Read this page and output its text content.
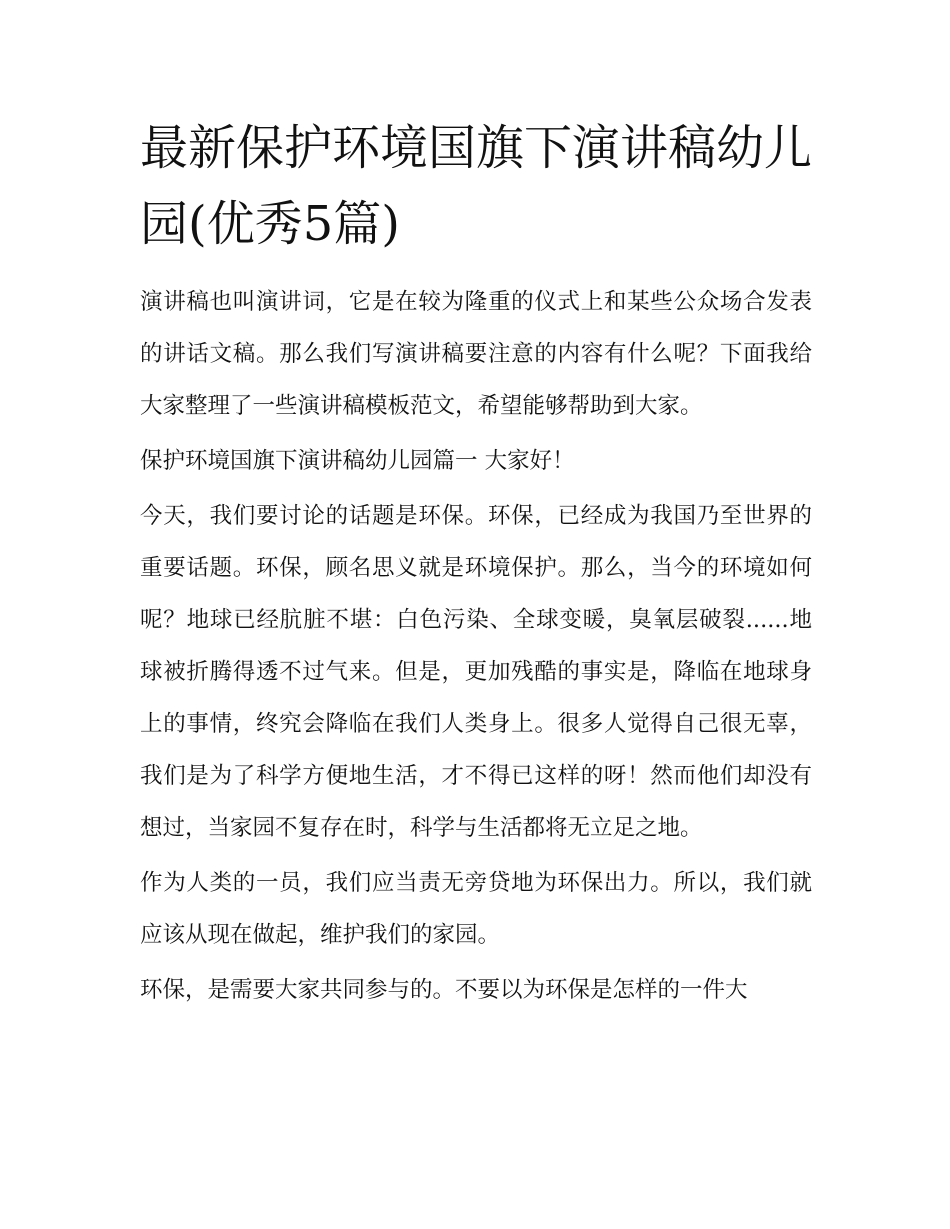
最新保护环境国旗下演讲稿幼儿园(优秀5篇)

演讲稿也叫演讲词，它是在较为隆重的仪式上和某些公众场合发表的讲话文稿。那么我们写演讲稿要注意的内容有什么呢？下面我给大家整理了一些演讲稿模板范文，希望能够帮助到大家。

保护环境国旗下演讲稿幼儿园篇一 大家好！

今天，我们要讨论的话题是环保。环保，已经成为我国乃至世界的重要话题。环保，顾名思义就是环境保护。那么，当今的环境如何呢？地球已经肮脏不堪：白色污染、全球变暖，臭氧层破裂......地球被折腾得透不过气来。但是，更加残酷的事实是，降临在地球身上的事情，终究会降临在我们人类身上。很多人觉得自己很无辜，我们是为了科学方便地生活，才不得已这样的呀！然而他们却没有想过，当家园不复存在时，科学与生活都将无立足之地。

作为人类的一员，我们应当责无旁贷地为环保出力。所以，我们就应该从现在做起，维护我们的家园。

环保，是需要大家共同参与的。不要以为环保是怎样的一件大
